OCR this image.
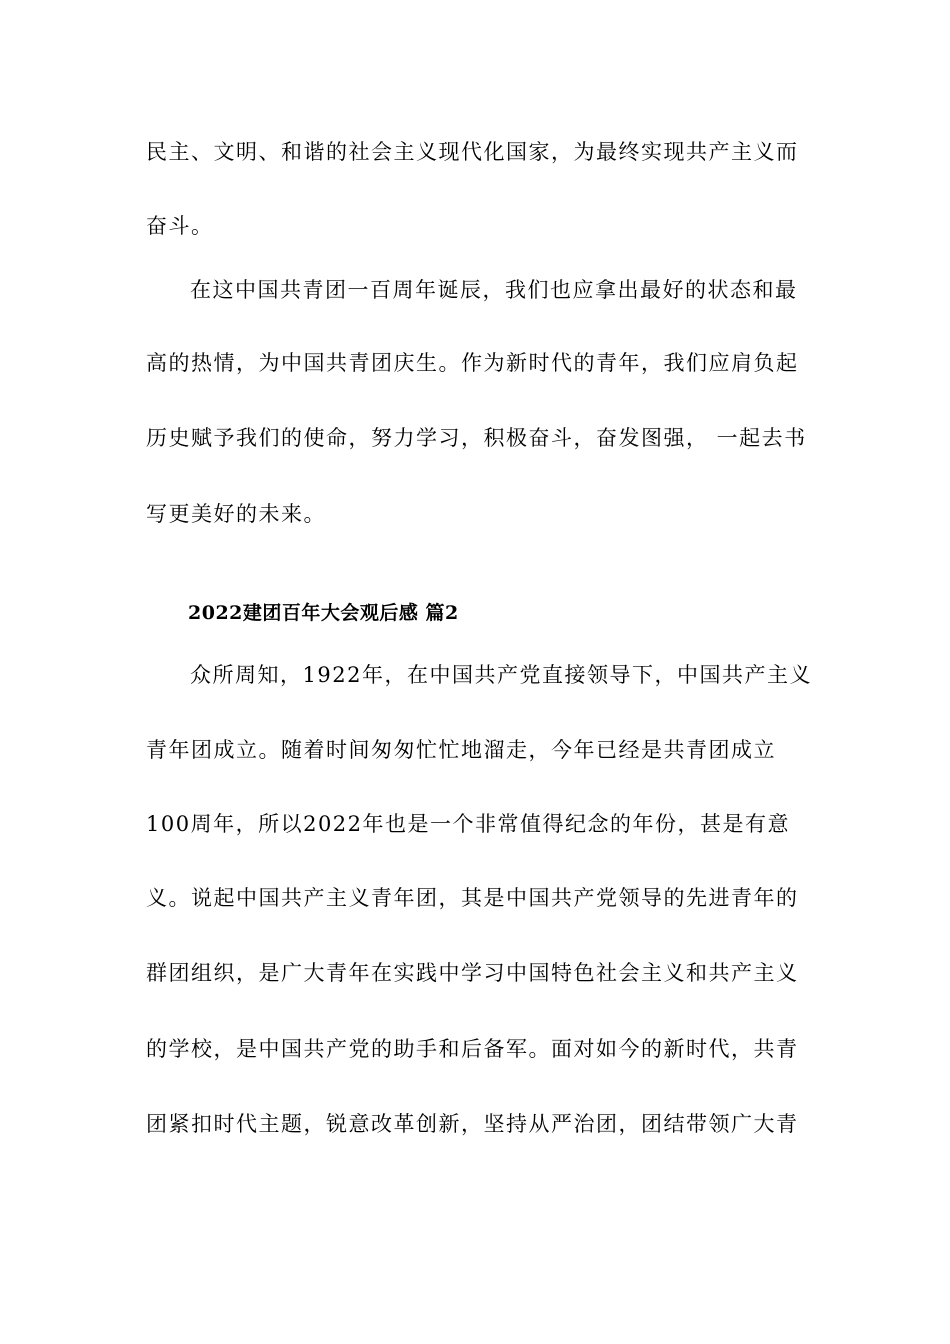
民主、文明、和谐的社会主义现代化国家，为最终实现共产主义而
奋斗。
在这中国共青团一百周年诞辰，我们也应拿出最好的状态和最
高的热情，为中国共青团庆生。作为新时代的青年，我们应肩负起
历史赋予我们的使命，努力学习，积极奋斗，奋发图强， 一起去书
写更美好的未来。
2022建团百年大会观后感 篇2
众所周知，1922年，在中国共产党直接领导下，中国共产主义
青年团成立。随着时间匆匆忙忙地溜走，今年已经是共青团成立
100周年，所以2022年也是一个非常值得纪念的年份，甚是有意
义。说起中国共产主义青年团，其是中国共产党领导的先进青年的
群团组织，是广大青年在实践中学习中国特色社会主义和共产主义
的学校，是中国共产党的助手和后备军。面对如今的新时代，共青
团紧扣时代主题，锐意改革创新，坚持从严治团，团结带领广大青
